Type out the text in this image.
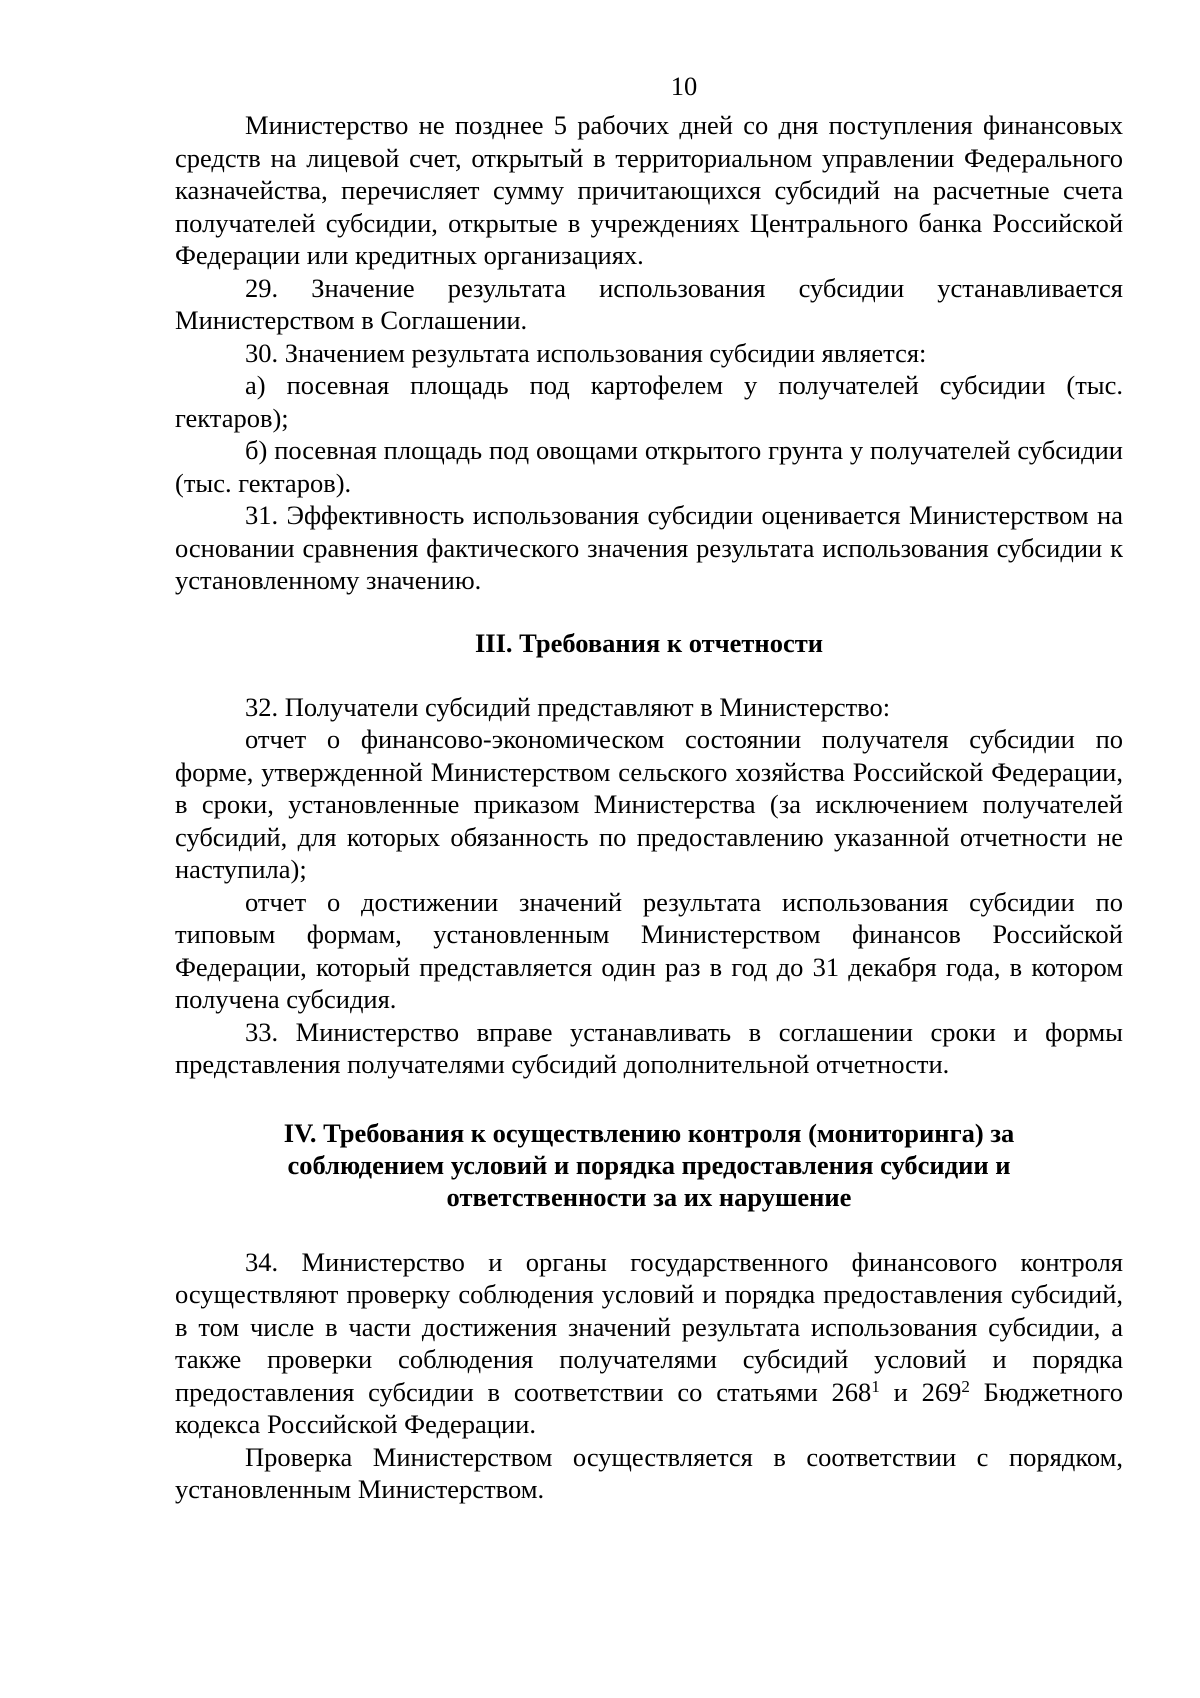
10

Министерство не позднее 5 рабочих дней со дня поступления финансовых средств на лицевой счет, открытый в территориальном управлении Федерального казначейства, перечисляет сумму причитающихся субсидий на расчетные счета получателей субсидии, открытые в учреждениях Центрального банка Российской Федерации или кредитных организациях.

29. Значение результата использования субсидии устанавливается Министерством в Соглашении.

30. Значением результата использования субсидии является:

а) посевная площадь под картофелем у получателей субсидии (тыс. гектаров);

б) посевная площадь под овощами открытого грунта у получателей субсидии (тыс. гектаров).

31. Эффективность использования субсидии оценивается Министерством на основании сравнения фактического значения результата использования субсидии к установленному значению.

III. Требования к отчетности

32. Получатели субсидий представляют в Министерство:

отчет о финансово-экономическом состоянии получателя субсидии по форме, утвержденной Министерством сельского хозяйства Российской Федерации, в сроки, установленные приказом Министерства (за исключением получателей субсидий, для которых обязанность по предоставлению указанной отчетности не наступила);

отчет о достижении значений результата использования субсидии по типовым формам, установленным Министерством финансов Российской Федерации, который представляется один раз в год до 31 декабря года, в котором получена субсидия.

33. Министерство вправе устанавливать в соглашении сроки и формы представления получателями субсидий дополнительной отчетности.

IV. Требования к осуществлению контроля (мониторинга) за
соблюдением условий и порядка предоставления субсидии и
ответственности за их нарушение

34. Министерство и органы государственного финансового контроля осуществляют проверку соблюдения условий и порядка предоставления субсидий, в том числе в части достижения значений результата использования субсидии, а также проверки соблюдения получателями субсидий условий и порядка предоставления субсидии в соответствии со статьями $268^1$ и $269^2$ Бюджетного кодекса Российской Федерации.

Проверка Министерством осуществляется в соответствии с порядком, установленным Министерством.
